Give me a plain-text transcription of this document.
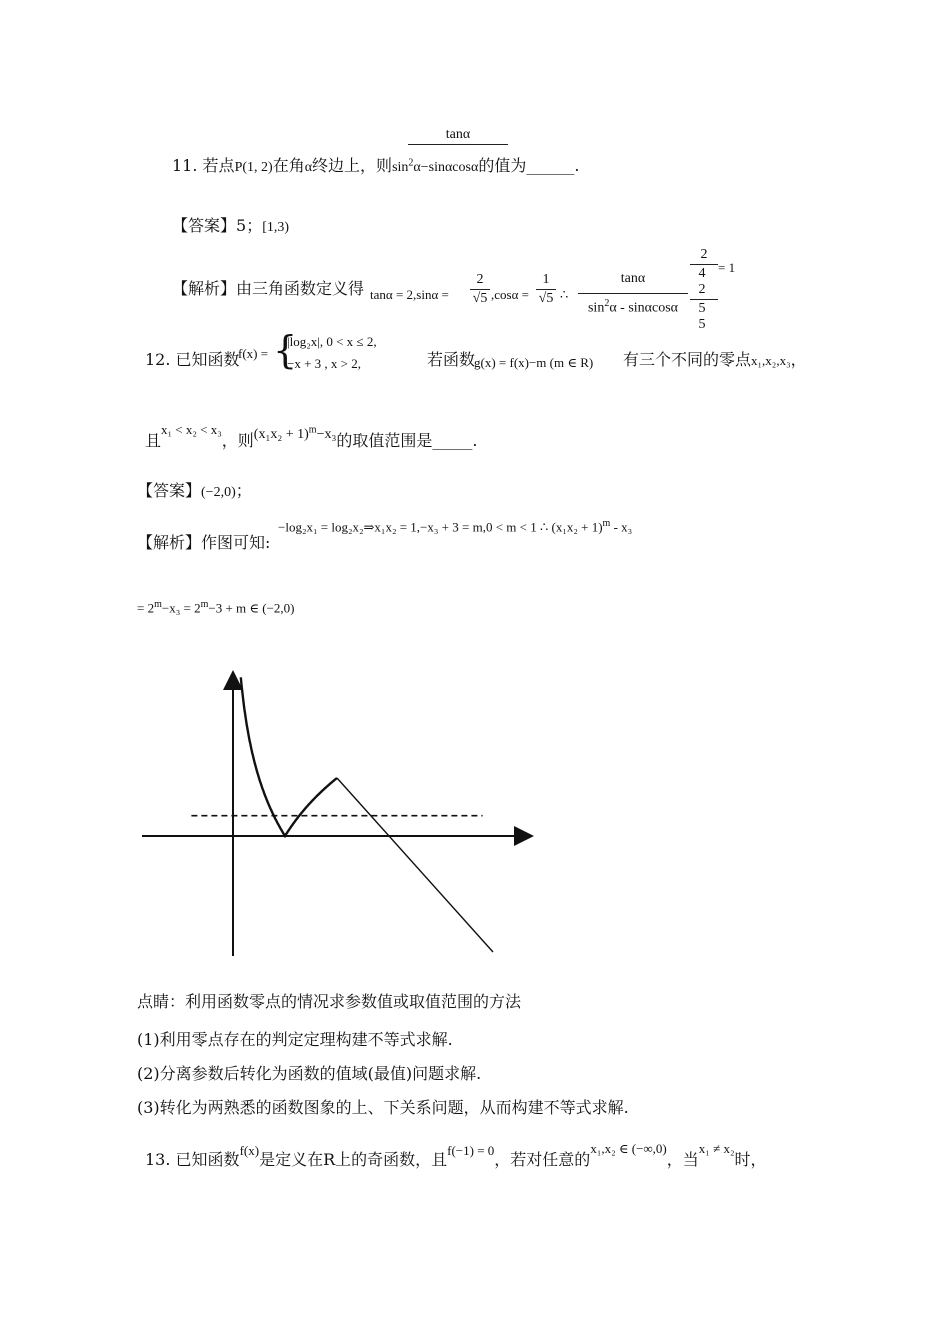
tanα
11. 若点P(1, 2)在角α终边上，则$\sin^2\alpha-\sin\alpha\cos\alpha$的值为______.
【答案】5；[1,3)
【解析】由三角函数定义得 tanα = 2,sinα =
2
√5 ,cosα =
1
√5 ∴
tanα
$\sin^2\alpha$ - sinαcosα
2
4 2
5 5
= 1
12. 已知函数
f(x) = {
|log₂x|, 0 < x ≤ 2,
−x + 3 , x > 2,	若函数
g(x) = f(x)−m (m ∈ R) 有三个不同的零点x₁,x₂,x₃，
且$^{x_1 < x_2 < x_3}$，则$(x_1x_2 + 1)^m-x_3$的取值范围是_____.
【答案】(−2,0)；
【解析】作图可知:
−log₂x₁ = log₂x₂⇒x₁x₂ = 1,−x₃ + 3 = m,0 < m < 1 ∴ $(x_1x_2 + 1)^m - x_3$
= $2^m-x_3 = 2^m-3 + m$ ∈ (−2,0)
点睛：利用函数零点的情况求参数值或取值范围的方法
(1)利用零点存在的判定定理构建不等式求解.
(2)分离参数后转化为函数的值域(最值)问题求解.
(3)转化为两熟悉的函数图象的上、下关系问题，从而构建不等式求解.
13. 已知函数$^{f(x)}$是定义在R上的奇函数，且$^{f(-1) = 0}$，若对任意的$^{x_1,x_2 \in (-\infty,0)}$，当$^{x_1 \ne x_2}$时，
